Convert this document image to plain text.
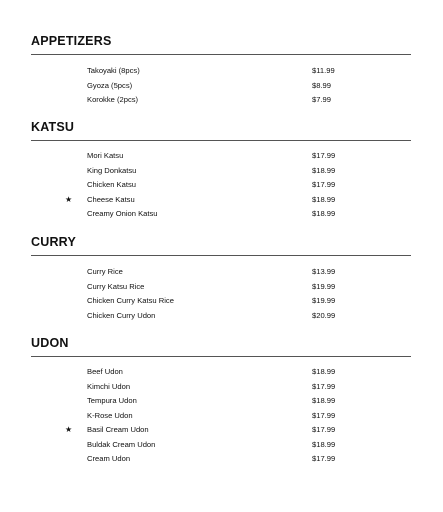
APPETIZERS
Takoyaki (8pcs)	$11.99
Gyoza (5pcs)	$8.99
Korokke (2pcs)	$7.99
KATSU
Mori Katsu	$17.99
King Donkatsu	$18.99
Chicken Katsu	$17.99
★ Cheese Katsu	$18.99
Creamy Onion Katsu	$18.99
CURRY
Curry Rice	$13.99
Curry Katsu Rice	$19.99
Chicken Curry Katsu Rice	$19.99
Chicken Curry Udon	$20.99
UDON
Beef Udon	$18.99
Kimchi Udon	$17.99
Tempura Udon	$18.99
K-Rose Udon	$17.99
★ Basil Cream Udon	$17.99
Buldak Cream Udon	$18.99
Cream Udon	$17.99
